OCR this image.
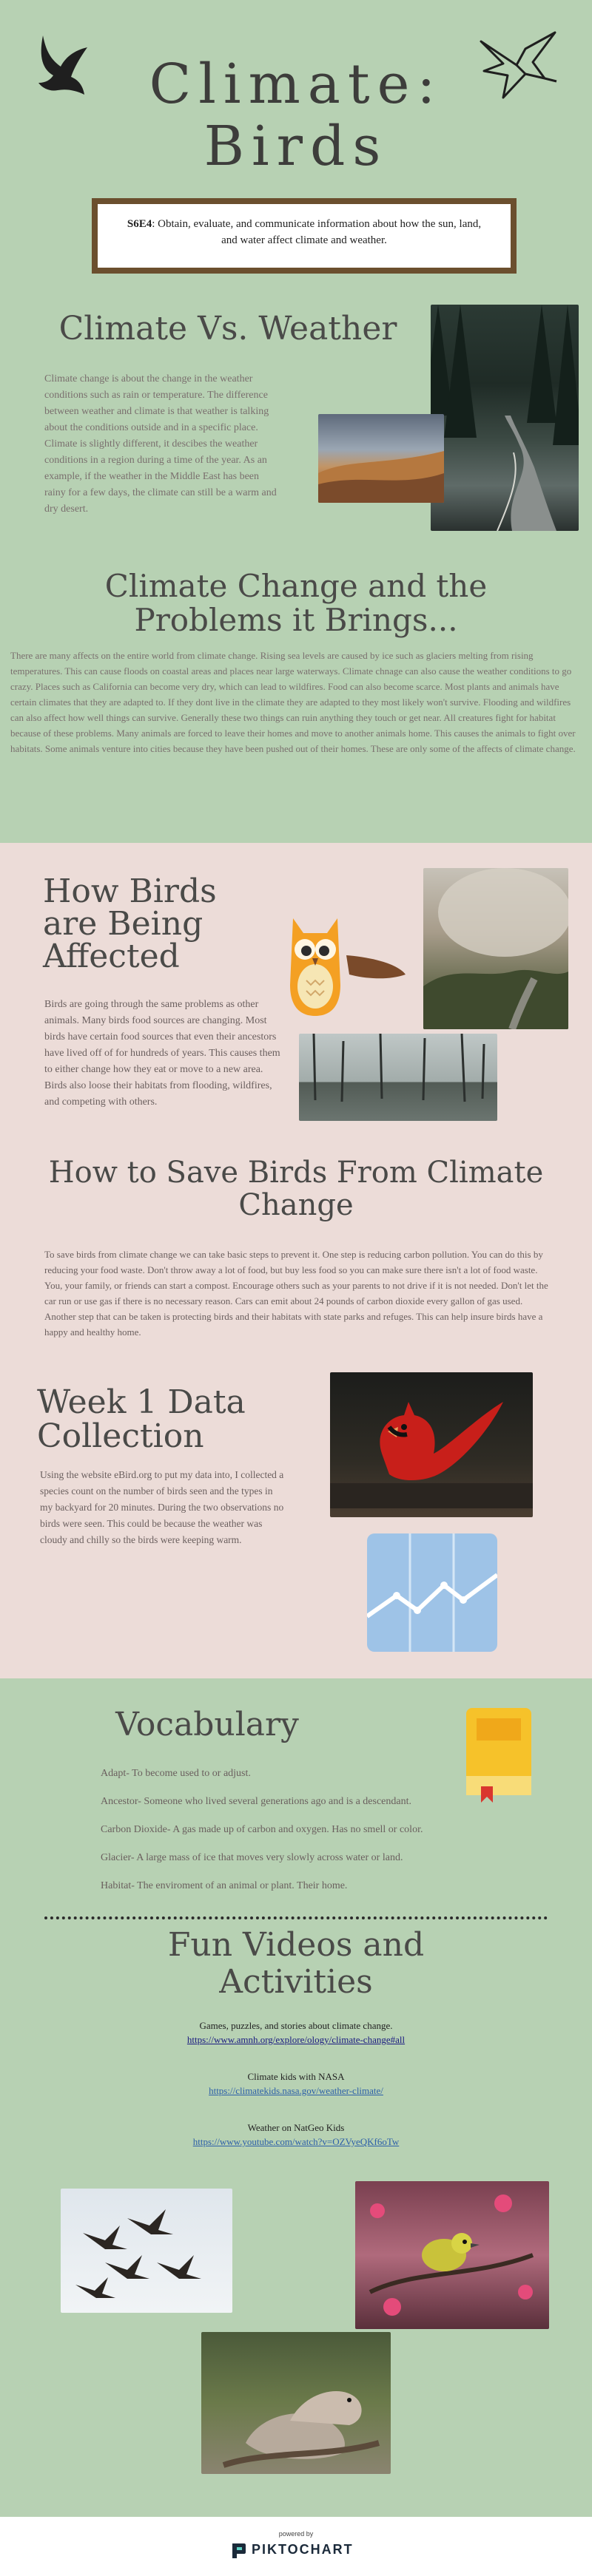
Climate:
Birds
S6E4: Obtain, evaluate, and communicate information about how the sun, land, and water affect climate and weather.
Climate Vs. Weather

Climate change is about the change in the weather conditions such as rain or temperature. The difference between weather and climate is that weather is talking about the conditions outside and in a specific place. Climate is slightly different, it descibes the weather conditions in a region during a time of the year. As an example, if the weather in the Middle East has been rainy for a few days, the climate can still be a warm and dry desert.

Climate Change and the
Problems it Brings...

There are many affects on the entire world from climate change. Rising sea levels are caused by ice such as glaciers melting from rising temperatures. This can cause floods on coastal areas and places near large waterways. Climate chnage can also cause the weather conditions to go crazy. Places such as California can become very dry, which can lead to wildfires. Food can also become scarce. Most plants and animals have certain climates that they are adapted to. If they dont live in the climate they are adapted to they most likely won't survive. Flooding and wildfires can also affect how well things can survive. Generally these two things can ruin anything they touch or get near. All creatures fight for habitat because of these problems. Many animals are forced to leave their homes and move to another animals home. This causes the animals to fight over habitats. Some animals venture into cities because they have been pushed out of their homes. These are only some of the affects of climate change.

How Birds
are Being
Affected

Birds are going through the same problems as other animals. Many birds food sources are changing. Most birds have certain food sources that even their ancestors have lived off of for hundreds of years. This causes them to either change how they eat or move to a new area. Birds also loose their habitats from flooding, wildfires, and competing with others.

How to Save Birds From Climate
Change

To save birds from climate change we can take basic steps to prevent it. One step is reducing carbon pollution. You can do this by reducing your food waste. Don't throw away a lot of food, but buy less food so you can make sure there isn't a lot of food waste. You, your family, or friends can start a compost. Encourage others such as your parents to not drive if it is not needed. Don't let the car run or use gas if there is no necessary reason. Cars can emit about 24 pounds of carbon dioxide every gallon of gas used. Another step that can be taken is protecting birds and their habitats with state parks and refuges. This can help insure birds have a happy and healthy home.

Week 1 Data
Collection

Using the website eBird.org to put my data into, I collected a species count on the number of birds seen and the types in my backyard for 20 minutes. During the two observations no birds were seen. This could be because the weather was cloudy and chilly so the birds were keeping warm.

Vocabulary

Adapt- To become used to or adjust.

Ancestor- Someone who lived several generations ago and is a descendant.

Carbon Dioxide- A gas made up of carbon and oxygen. Has no smell or color.

Glacier- A large mass of ice that moves very slowly across water or land.

Habitat- The enviroment of an animal or plant. Their home.

Fun Videos and
Activities
Games, puzzles, and stories about climate change.
https://www.amnh.org/explore/ology/climate-change#all
Climate kids with NASA
https://climatekids.nasa.gov/weather-climate/
Weather on NatGeo Kids
https://www.youtube.com/watch?v=OZVyeQKf6oTw
powered by
PIKTOCHART
